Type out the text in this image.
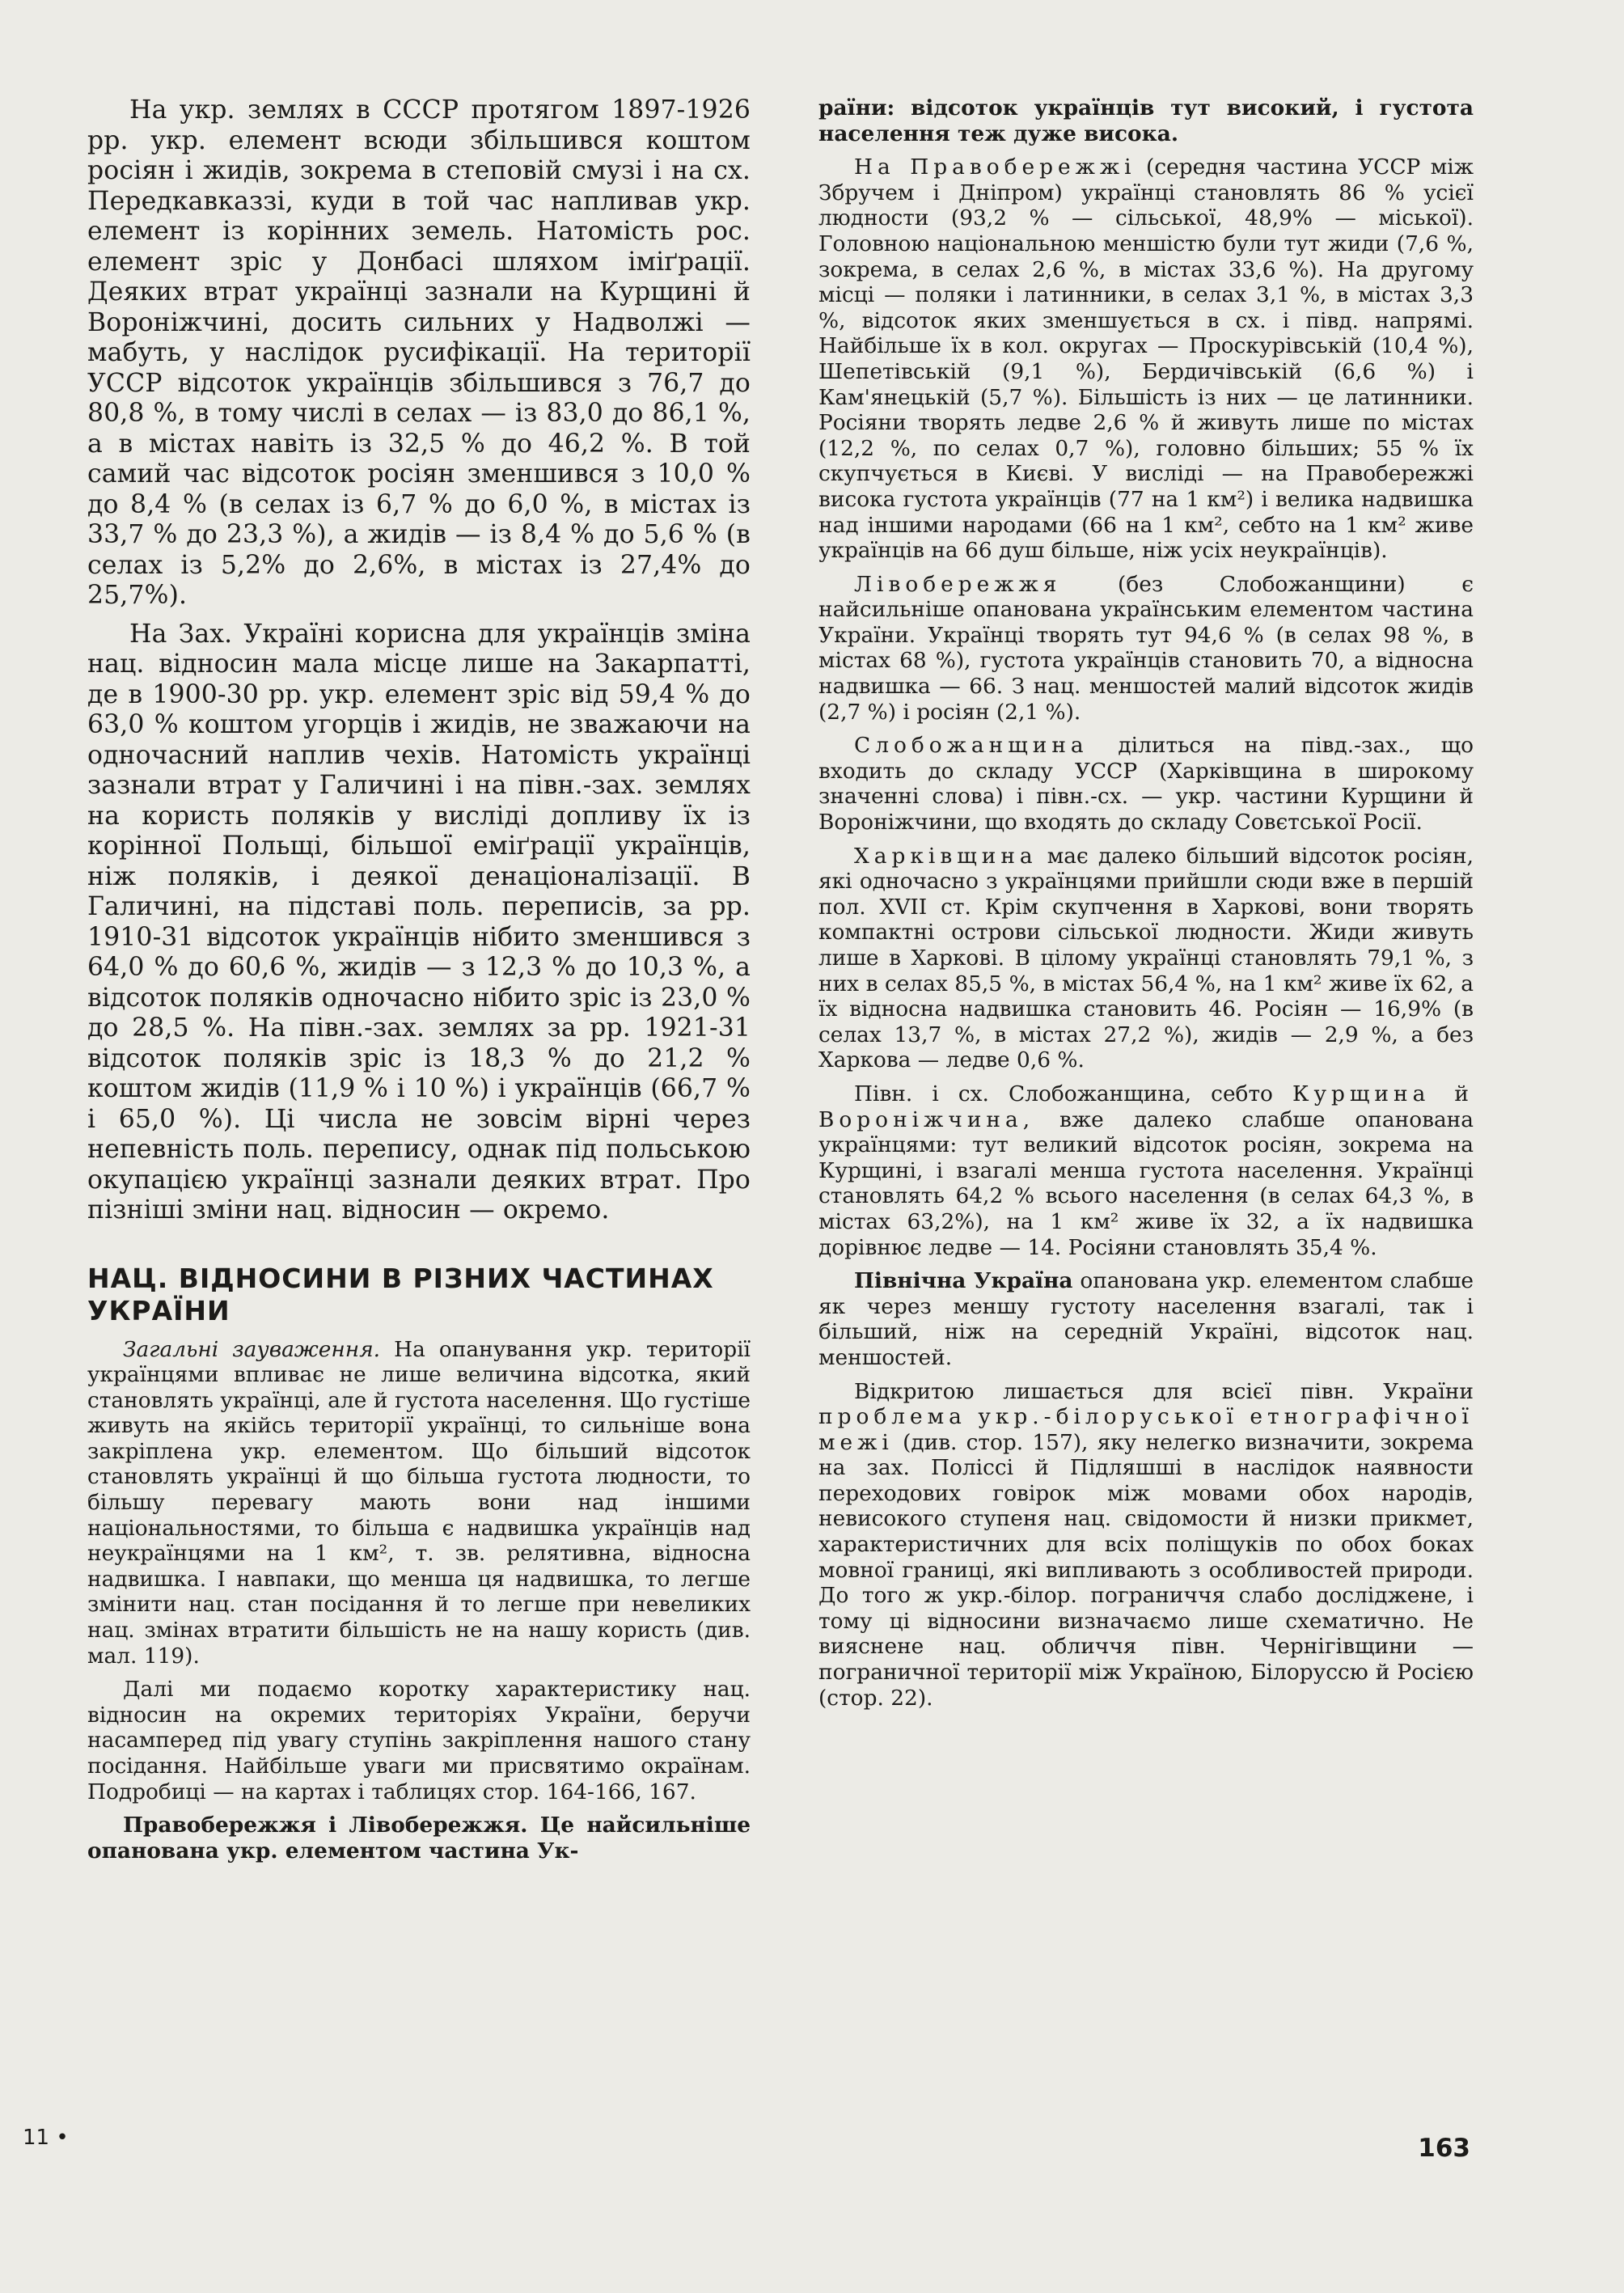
На укр. землях в СССР протягом 1897-1926 рр. укр. елемент всюди збільшився коштом росіян і жидів, зокрема в степовій смузі і на сх. Передкавказзі, куди в той час напливав укр. елемент із корінних земель. Натомість рос. елемент зріс у Донбасі шляхом іміґрації. Деяких втрат українці зазнали на Курщині й Вороніжчині, досить сильних у Надволжі — мабуть, у наслідок русифікації. На території УССР відсоток українців збільшився з 76,7 до 80,8 %, в тому числі в селах — із 83,0 до 86,1 %, а в містах навіть із 32,5 % до 46,2 %. В той самий час відсоток росіян зменшився з 10,0 % до 8,4 % (в селах із 6,7 % до 6,0 %, в містах із 33,7 % до 23,3 %), а жидів — із 8,4 % до 5,6 % (в селах із 5,2% до 2,6%, в містах із 27,4% до 25,7%).

На Зах. Україні корисна для українців зміна нац. відносин мала місце лише на Закарпатті, де в 1900-30 рр. укр. елемент зріс від 59,4 % до 63,0 % коштом угорців і жидів, не зважаючи на одночасний наплив чехів. Натомість українці зазнали втрат у Галичині і на півн.-зах. землях на користь поляків у висліді допливу їх із корінної Польщі, більшої еміґрації українців, ніж поляків, і деякої денаціоналізації. В Галичині, на підставі поль. переписів, за рр. 1910-31 відсоток українців нібито зменшився з 64,0 % до 60,6 %, жидів — з 12,3 % до 10,3 %, а відсоток поляків одночасно нібито зріс із 23,0 % до 28,5 %. На півн.-зах. землях за рр. 1921-31 відсоток поляків зріс із 18,3 % до 21,2 % коштом жидів (11,9 % і 10 %) і українців (66,7 % і 65,0 %). Ці числа не зовсім вірні через непевність поль. перепису, однак під польською окупацією українці зазнали деяких втрат. Про пізніші зміни нац. відносин — окремо.

НАЦ. ВІДНОСИНИ В РІЗНИХ ЧАСТИНАХ УКРАЇНИ

Загальні зауваження. На опанування укр. території українцями впливає не лише величина відсотка, який становлять українці, але й густота населення. Що густіше живуть на якійсь території українці, то сильніше вона закріплена укр. елементом. Що більший відсоток становлять українці й що більша густота людности, то більшу перевагу мають вони над іншими національностями, то більша є надвишка українців над неукраїнцями на 1 км², т. зв. релятивна, відносна надвишка. І навпаки, що менша ця надвишка, то легше змінити нац. стан посідання й то легше при невеликих нац. змінах втратити більшість не на нашу користь (див. мал. 119).

Далі ми подаємо коротку характеристику нац. відносин на окремих територіях України, беручи насамперед під увагу ступінь закріплення нашого стану посідання. Найбільше уваги ми присвятимо окраїнам. Подробиці — на картах і таблицях стор. 164-166, 167.

Правобережжя і Лівобережжя. Це найсильніше опанована укр. елементом частина Ук-

раїни: відсоток українців тут високий, і густота населення теж дуже висока.

На Правобережжі (середня частина УССР між Збручем і Дніпром) українці становлять 86 % усієї людности (93,2 % — сільської, 48,9% — міської). Головною національною меншістю були тут жиди (7,6 %, зокрема, в селах 2,6 %, в містах 33,6 %). На другому місці — поляки і латинники, в селах 3,1 %, в містах 3,3 %, відсоток яких зменшується в сх. і півд. напрямі. Найбільше їх в кол. округах — Проскурівській (10,4 %), Шепетівській (9,1 %), Бердичівській (6,6 %) і Кам'янецькій (5,7 %). Більшість із них — це латинники. Росіяни творять ледве 2,6 % й живуть лише по містах (12,2 %, по селах 0,7 %), головно більших; 55 % їх скупчується в Києві. У висліді — на Правобережжі висока густота українців (77 на 1 км²) і велика надвишка над іншими народами (66 на 1 км², себто на 1 км² живе українців на 66 душ більше, ніж усіх неукраїнців).

Лівобережжя (без Слобожанщини) є найсильніше опанована українським елементом частина України. Українці творять тут 94,6 % (в селах 98 %, в містах 68 %), густота українців становить 70, а відносна надвишка — 66. З нац. меншостей малий відсоток жидів (2,7 %) і росіян (2,1 %).

Слобожанщина ділиться на півд.-зах., що входить до складу УССР (Харківщина в широкому значенні слова) і півн.-сх. — укр. частини Курщини й Вороніжчини, що входять до складу Совєтської Росії.

Харківщина має далеко більший відсоток росіян, які одночасно з українцями прийшли сюди вже в першій пол. XVII ст. Крім скупчення в Харкові, вони творять компактні острови сільської людности. Жиди живуть лише в Харкові. В цілому українці становлять 79,1 %, з них в селах 85,5 %, в містах 56,4 %, на 1 км² живе їх 62, а їх відносна надвишка становить 46. Росіян — 16,9% (в селах 13,7 %, в містах 27,2 %), жидів — 2,9 %, а без Харкова — ледве 0,6 %.

Півн. і сх. Слобожанщина, себто Курщина й Вороніжчина, вже далеко слабше опанована українцями: тут великий відсоток росіян, зокрема на Курщині, і взагалі менша густота населення. Українці становлять 64,2 % всього населення (в селах 64,3 %, в містах 63,2%), на 1 км² живе їх 32, а їх надвишка дорівнює ледве — 14. Росіяни становлять 35,4 %.

Північна Україна опанована укр. елементом слабше як через меншу густоту населення взагалі, так і більший, ніж на середній Україні, відсоток нац. меншостей.

Відкритою лишається для всієї півн. України проблема укр.-білоруської етнографічної межі (див. стор. 157), яку нелегко визначити, зокрема на зах. Поліссі й Підляшші в наслідок наявности переходових говірок між мовами обох народів, невисокого ступеня нац. свідомости й низки прикмет, характеристичних для всіх поліщуків по обох боках мовної границі, які випливають з особливостей природи. До того ж укр.-білор. пограниччя слабо досліджене, і тому ці відносини визначаємо лише схематично. Не вияснене нац. обличчя півн. Чернігівщини — пограничної території між Україною, Білоруссю й Росією (стор. 22).

11 •	163
